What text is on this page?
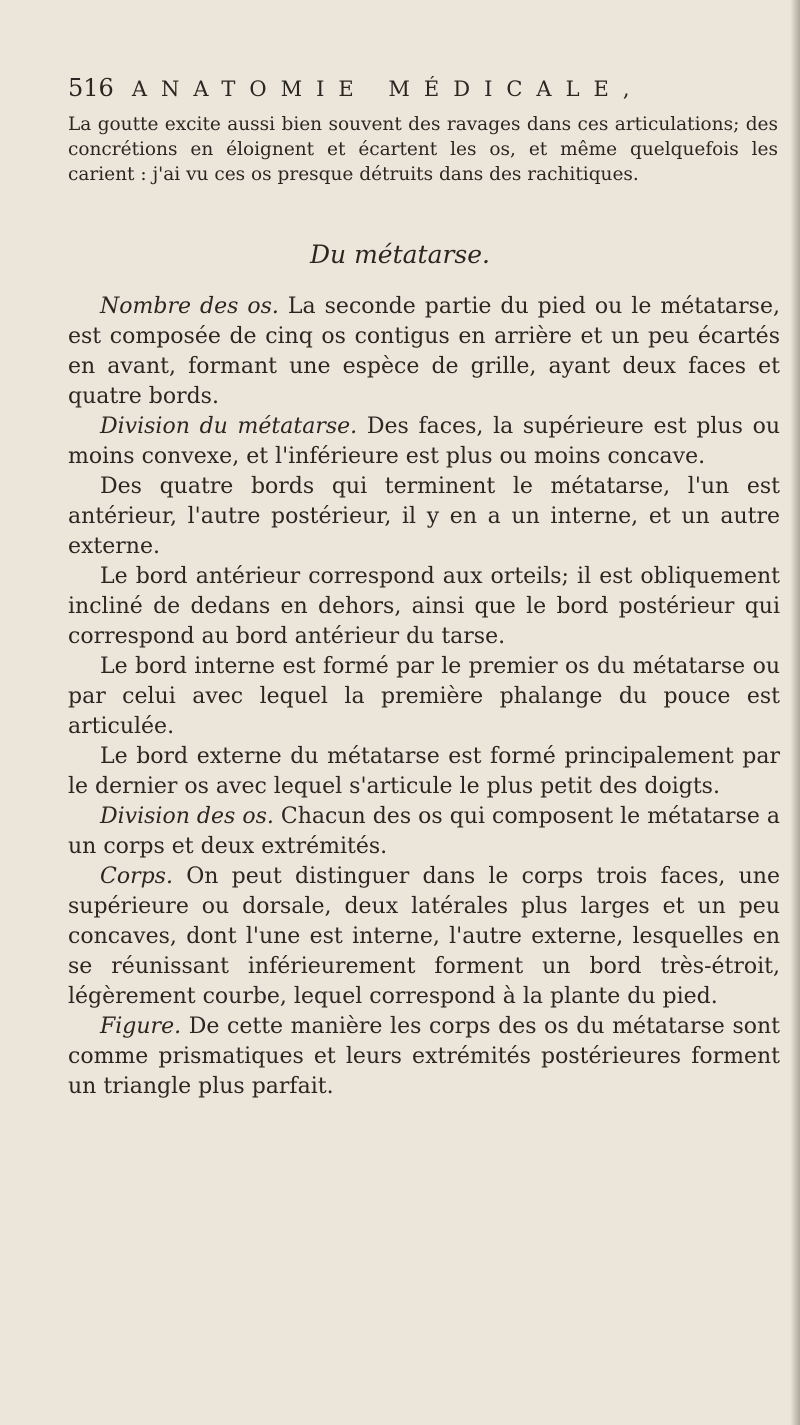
516 ANATOMIE MÉDICALE,
La goutte excite aussi bien souvent des ravages dans ces articulations; des concrétions en éloignent et écartent les os, et même quelquefois les carient : j'ai vu ces os presque détruits dans des rachitiques.
Du métatarse.

Nombre des os. La seconde partie du pied ou le métatarse, est composée de cinq os contigus en arrière et un peu écartés en avant, formant une espèce de grille, ayant deux faces et quatre bords.

Division du métatarse. Des faces, la supérieure est plus ou moins convexe, et l'inférieure est plus ou moins concave.

Des quatre bords qui terminent le métatarse, l'un est antérieur, l'autre postérieur, il y en a un interne, et un autre externe.

Le bord antérieur correspond aux orteils; il est obliquement incliné de dedans en dehors, ainsi que le bord postérieur qui correspond au bord antérieur du tarse.

Le bord interne est formé par le premier os du métatarse ou par celui avec lequel la première phalange du pouce est articulée.

Le bord externe du métatarse est formé principalement par le dernier os avec lequel s'articule le plus petit des doigts.

Division des os. Chacun des os qui composent le métatarse a un corps et deux extrémités.

Corps. On peut distinguer dans le corps trois faces, une supérieure ou dorsale, deux latérales plus larges et un peu concaves, dont l'une est interne, l'autre externe, lesquelles en se réunissant inférieurement forment un bord très-étroit, légèrement courbe, lequel correspond à la plante du pied.

Figure. De cette manière les corps des os du métatarse sont comme prismatiques et leurs extrémités postérieures forment un triangle plus parfait.
